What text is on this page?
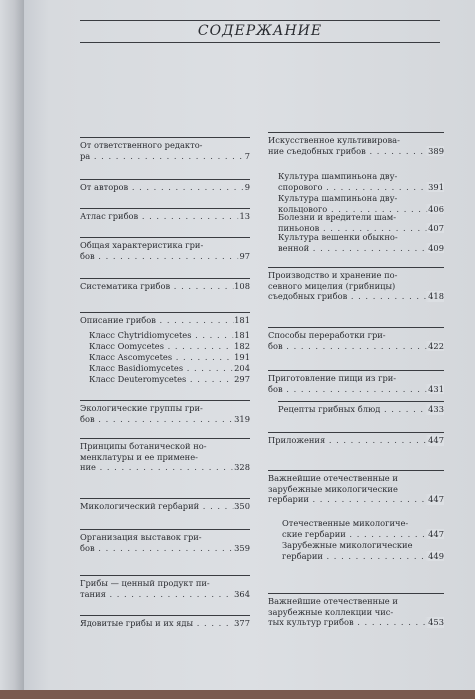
СОДЕРЖАНИЕ
От ответственного редакто-
ра . . .	7
От авторов . . .	9
Атлас грибов . . .	13
Общая характеристика гри-
бов . . .	97
Систематика грибов . . .	108
Описание грибов . . .	181
Класс Chytridiomycetes . . .	181
Класс Oomycetes . . .	182
Класс Ascomycetes . . .	191
Класс Basidiomycetes . . .	204
Класс Deuteromycetes . . .	297
Экологические группы гри-
бов . . .	319
Принципы ботанической но-
менклатуры и ее примене-
ние . . .	328
Микологический гербарий . . .	350
Организация выставок гри-
бов . . .	359
Грибы — ценный продукт пи-
тания . . .	364
Ядовитые грибы и их яды . . .	377
Искусственное культивирова-
ние съедобных грибов . . .	389
Культура шампиньона дву-
спорового . . .	391
Культура шампиньона дву-
кольцового . . .	406
Болезни и вредители шам-
пиньонов . . .	407
Культура вешенки обыкно-
венной . . .	409
Производство и хранение по-
севного мицелия (грибницы)
съедобных грибов . . .	418
Способы переработки гри-
бов . . .	422
Приготовление пищи из гри-
бов . . .	431
Рецепты грибных блюд . . .	433
Приложения . . .	447
Важнейшие отечественные и
зарубежные микологические
гербарии . . .	447
Отечественные микологиче-
ские гербарии . . .	447
Зарубежные микологические
гербарии . . .	449
Важнейшие отечественные и
зарубежные коллекции чис-
тых культур грибов . . .	453
